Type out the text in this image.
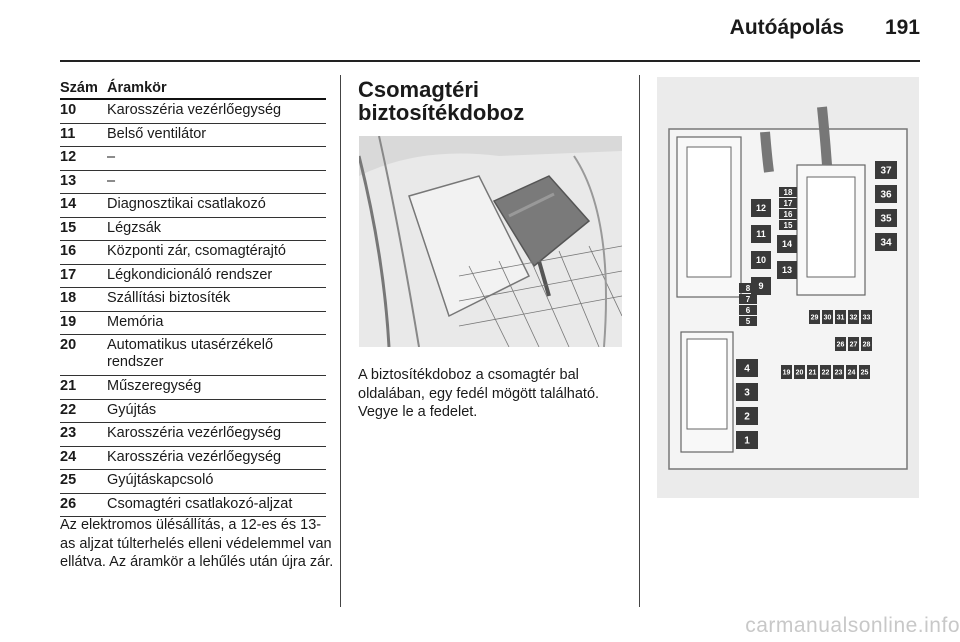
Autóápolás 191
Szám Áramkör
10	Karosszéria vezérlőegység
11	Belső ventilátor
12	–
13	–
14	Diagnosztikai csatlakozó
15	Légzsák
16	Központi zár, csomagtérajtó
17	Légkondicionáló rendszer
18	Szállítási biztosíték
19	Memória
20	Automatikus utasérzékelő rendszer
21	Műszeregység
22	Gyújtás
23	Karosszéria vezérlőegység
24	Karosszéria vezérlőegység
25	Gyújtáskapcsoló
26	Csomagtéri csatlakozó-aljzat
Az elektromos ülésállítás, a 12-es és 13-as aljzat túlterhelés elleni védelemmel van ellátva. Az áramkör a lehűlés után újra zár.
Csomagtéri
biztosítékdoboz
A biztosítékdoboz a csomagtér bal oldalában, egy fedél mögött található. Vegye le a fedelet.
8
7
6
5
4
3
2
1
12
11
10
14
9
13
18
17
16
15
37
36
35
34
29 30 31 32 33
26 27 28
19 20 21 22 23 24 25
carmanualsonline.info
